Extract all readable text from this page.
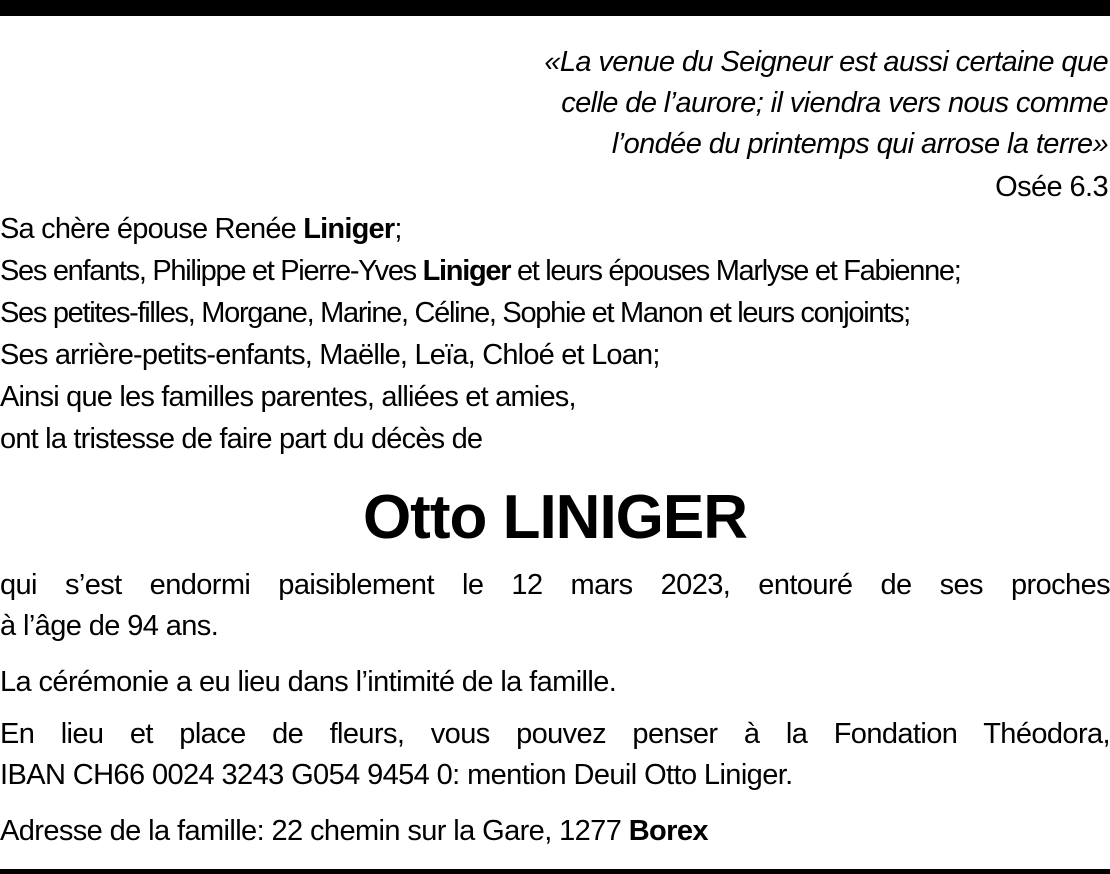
«La venue du Seigneur est aussi certaine que
celle de l’aurore; il viendra vers nous comme
l’ondée du printemps qui arrose la terre»
Osée 6.3
Sa chère épouse Renée Liniger;
Ses enfants, Philippe et Pierre-Yves Liniger et leurs épouses Marlyse et Fabienne;
Ses petites-filles, Morgane, Marine, Céline, Sophie et Manon et leurs conjoints;
Ses arrière-petits-enfants, Maëlle, Leïa, Chloé et Loan;
Ainsi que les familles parentes, alliées et amies,
ont la tristesse de faire part du décès de
Otto LINIGER
qui s’est endormi paisiblement le 12 mars 2023, entouré de ses proches
à l’âge de 94 ans.
La cérémonie a eu lieu dans l’intimité de la famille.
En lieu et place de fleurs, vous pouvez penser à la Fondation Théodora,
IBAN CH66 0024 3243 G054 9454 0: mention Deuil Otto Liniger.
Adresse de la famille: 22 chemin sur la Gare, 1277 Borex
